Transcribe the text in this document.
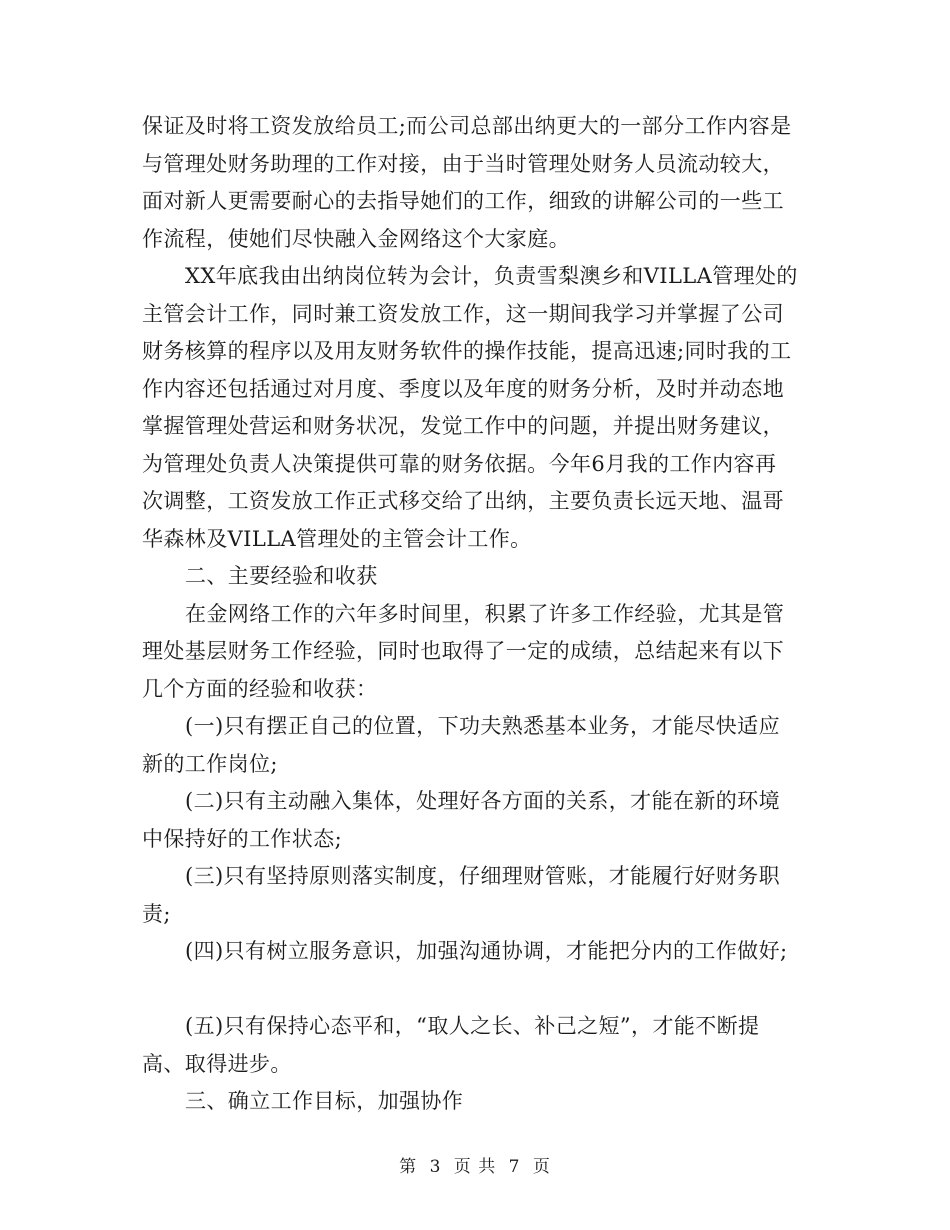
保证及时将工资发放给员工;而公司总部出纳更大的一部分工作内容是
与管理处财务助理的工作对接，由于当时管理处财务人员流动较大，
面对新人更需要耐心的去指导她们的工作，细致的讲解公司的一些工
作流程，使她们尽快融入金网络这个大家庭。
XX年底我由出纳岗位转为会计，负责雪梨澳乡和VILLA管理处的
主管会计工作，同时兼工资发放工作，这一期间我学习并掌握了公司
财务核算的程序以及用友财务软件的操作技能，提高迅速;同时我的工
作内容还包括通过对月度、季度以及年度的财务分析，及时并动态地
掌握管理处营运和财务状况，发觉工作中的问题，并提出财务建议，
为管理处负责人决策提供可靠的财务依据。今年6月我的工作内容再
次调整，工资发放工作正式移交给了出纳，主要负责长远天地、温哥
华森林及VILLA管理处的主管会计工作。
二、主要经验和收获
在金网络工作的六年多时间里，积累了许多工作经验，尤其是管
理处基层财务工作经验，同时也取得了一定的成绩，总结起来有以下
几个方面的经验和收获：
(一)只有摆正自己的位置，下功夫熟悉基本业务，才能尽快适应
新的工作岗位;
(二)只有主动融入集体，处理好各方面的关系，才能在新的环境
中保持好的工作状态;
(三)只有坚持原则落实制度，仔细理财管账，才能履行好财务职
责;
(四)只有树立服务意识，加强沟通协调，才能把分内的工作做好;
(五)只有保持心态平和，“取人之长、补己之短”，才能不断提
高、取得进步。
三、确立工作目标，加强协作
第 3 页 共 7 页
